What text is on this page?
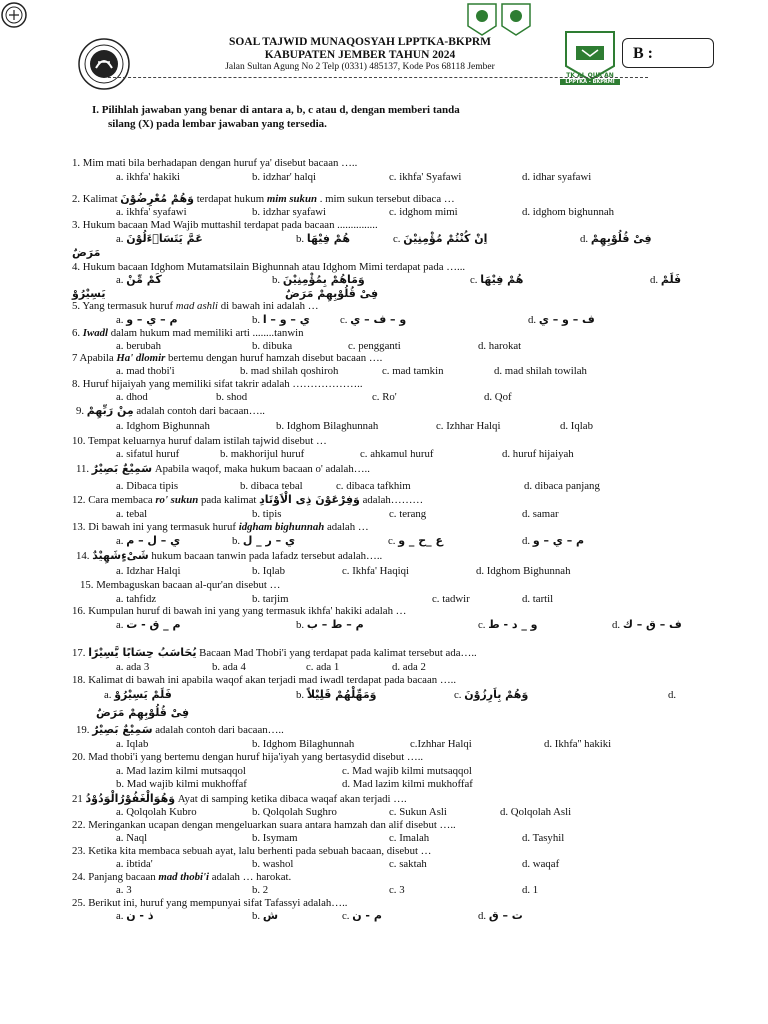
TK AL QUR'AN
LPPTKA - BKPRMI
SOAL TAJWID MUNAQOSYAH LPPTKA-BKPRM
KABUPATEN JEMBER TAHUN 2024
Jalan Sultan Agung No 2 Telp (0331) 485137, Kode Pos 68118 Jember
B :
I. Pilihlah jawaban yang benar di antara a, b, c atau d, dengan memberi tanda
silang (X) pada lembar jawaban yang tersedia.
1. Mim mati bila berhadapan dengan huruf ya' disebut bacaan …..
a. ikhfa' hakiki	b. idzhar' halqi	c. ikhfa' Syafawi	d. idhar syafawi
2. Kalimat وَهُمْ مُعْرِضُوْنَ terdapat hukum mim sukun . mim sukun tersebut dibaca …
a. ikhfa' syafawi	b. idzhar syafawi	c. idghom mimi	d. idghom bighunnah
3. Hukum bacaan Mad Wajib muttashil terdapat pada bacaan ...............
a. عَمَّ يَتَسَاۤءَلُوْنَ	b. هُمْ فِيْهَا	c. اِنْ كُنْتُمْ مُؤْمِنِيْنَ	d. فِىْ قُلُوْبِهِمْ
مَرَضٌ
4. Hukum bacaan Idghom Mutamatsilain Bighunnah atau Idghom Mimi terdapat pada …...
a. كَمْ مِّنْ	b. وَمَاهُمْ بِمُؤْمِنِيْنَ
فِىْ قُلُوْبِهِمْ مَرَضٌ
c. هُمْ فِيْهَا	d. فَلَمْ
يَسِيْرُوْ
5. Yang termasuk huruf mad ashli di bawah ini adalah …
a. م – ي – و	b. ي – و – ا	c. و – ف – ي	d. ف – و – ي
6. Iwadl dalam hukum mad memiliki arti ........tanwin
a. berubah	b. dibuka	c. pengganti	d. harokat
7 Apabila Ha' dlomir bertemu dengan huruf hamzah disebut bacaan ….
a. mad thobi'i	b. mad shilah qoshiroh	c. mad tamkin	d. mad shilah towilah
8. Huruf hijaiyah yang memiliki sifat takrir adalah ………………..
a. dhod	b. shod	c. Ro'	d. Qof
9. مِنْ رَبِّهِمْ adalah contoh dari bacaan…..
a. Idghom Bighunnah	b. Idghom Bilaghunnah	c. Izhhar Halqi	d. Iqlab
10. Tempat keluarnya huruf dalam istilah tajwid disebut …
a. sifatul huruf	b. makhorijul huruf	c. ahkamul huruf	d. huruf hijaiyah
11. سَمِيْعٌ بَصِيْرٌ Apabila waqof, maka hukum bacaan o' adalah…..
a. Dibaca tipis	b. dibaca tebal	c. dibaca tafkhim	d. dibaca panjang
12. Cara membaca ro' sukun pada kalimat وَفِرْعَوْنَ ذِى الْاَوْتَادِ adalah………
a. tebal	b. tipis	c. terang	d. samar
13. Di bawah ini yang termasuk huruf idgham bighunnah adalah …
a. ي – ل – م	b. ي – ر _ ل	c. ع _ح _ و	d. م – ي – و
14. شَىْءٍشَهِيْدٌ hukum bacaan tanwin pada lafadz tersebut adalah…..
a. Idzhar Halqi	b. Iqlab	c. Ikhfa' Haqiqi	d. Idghom Bighunnah
15. Membaguskan bacaan al-qur'an disebut …
a. tahfidz	b. tarjim	c. tadwir	d. tartil
16. Kumpulan huruf di bawah ini yang yang termasuk ikhfa' hakiki adalah …
a. م _ ق - ت	b. م – ط – ب	c. و _ د - ط	d. ف – ق – ك
17. يُحَاسَبُ حِسَابًا يَّسِيْرًا Bacaan Mad Thobi'i yang terdapat pada kalimat tersebut ada…..
a. ada 3	b. ada 4	c. ada 1	d. ada 2
18. Kalimat di bawah ini apabila waqof akan terjadi mad iwadl terdapat pada bacaan …..
a. فَلَمْ يَسِيْرُوْ	b. وَمَهِّلْهُمْ قَلِيْلاً	c. وَهُمْ بِاَرِزُوْنَ	d.
فِىْ قُلُوْبِهِمْ مَرَضٌ
19. سَمِيْعٌ بَصِيْرٌ adalah contoh dari bacaan…..
a. Iqlab	b. Idghom Bilaghunnah	c.Izhhar Halqi	d. Ikhfa'' hakiki
20. Mad thobi'i yang bertemu dengan huruf hija'iyah yang bertasydid disebut …..
a. Mad lazim kilmi mutsaqqol
b. Mad wajib kilmi mukhoffaf
c. Mad wajib kilmi mutsaqqol
d. Mad lazim kilmi mukhoffaf
21 وَهُوَالْغَفُوْرُالْوَدُوْدُ Ayat di samping ketika dibaca waqaf akan terjadi ….
a. Qolqolah Kubro	b. Qolqolah Sughro	c. Sukun Asli	d. Qolqolah Asli
22. Meringankan ucapan dengan mengeluarkan suara antara hamzah dan alif disebut …..
a. Naql	b. Isymam	c. Imalah	d. Tasyhil
23. Ketika kita membaca sebuah ayat, lalu berhenti pada sebuah bacaan, disebut …
a. ibtida'	b. washol	c. saktah	d. waqaf
24. Panjang bacaan mad thobi'i adalah … harokat.
a. 3	b. 2	c. 3	d. 1
25. Berikut ini, huruf yang mempunyai sifat Tafassyi adalah…..
a. ذ - ن	b. ش	c. م - ن	d. ت – ق
